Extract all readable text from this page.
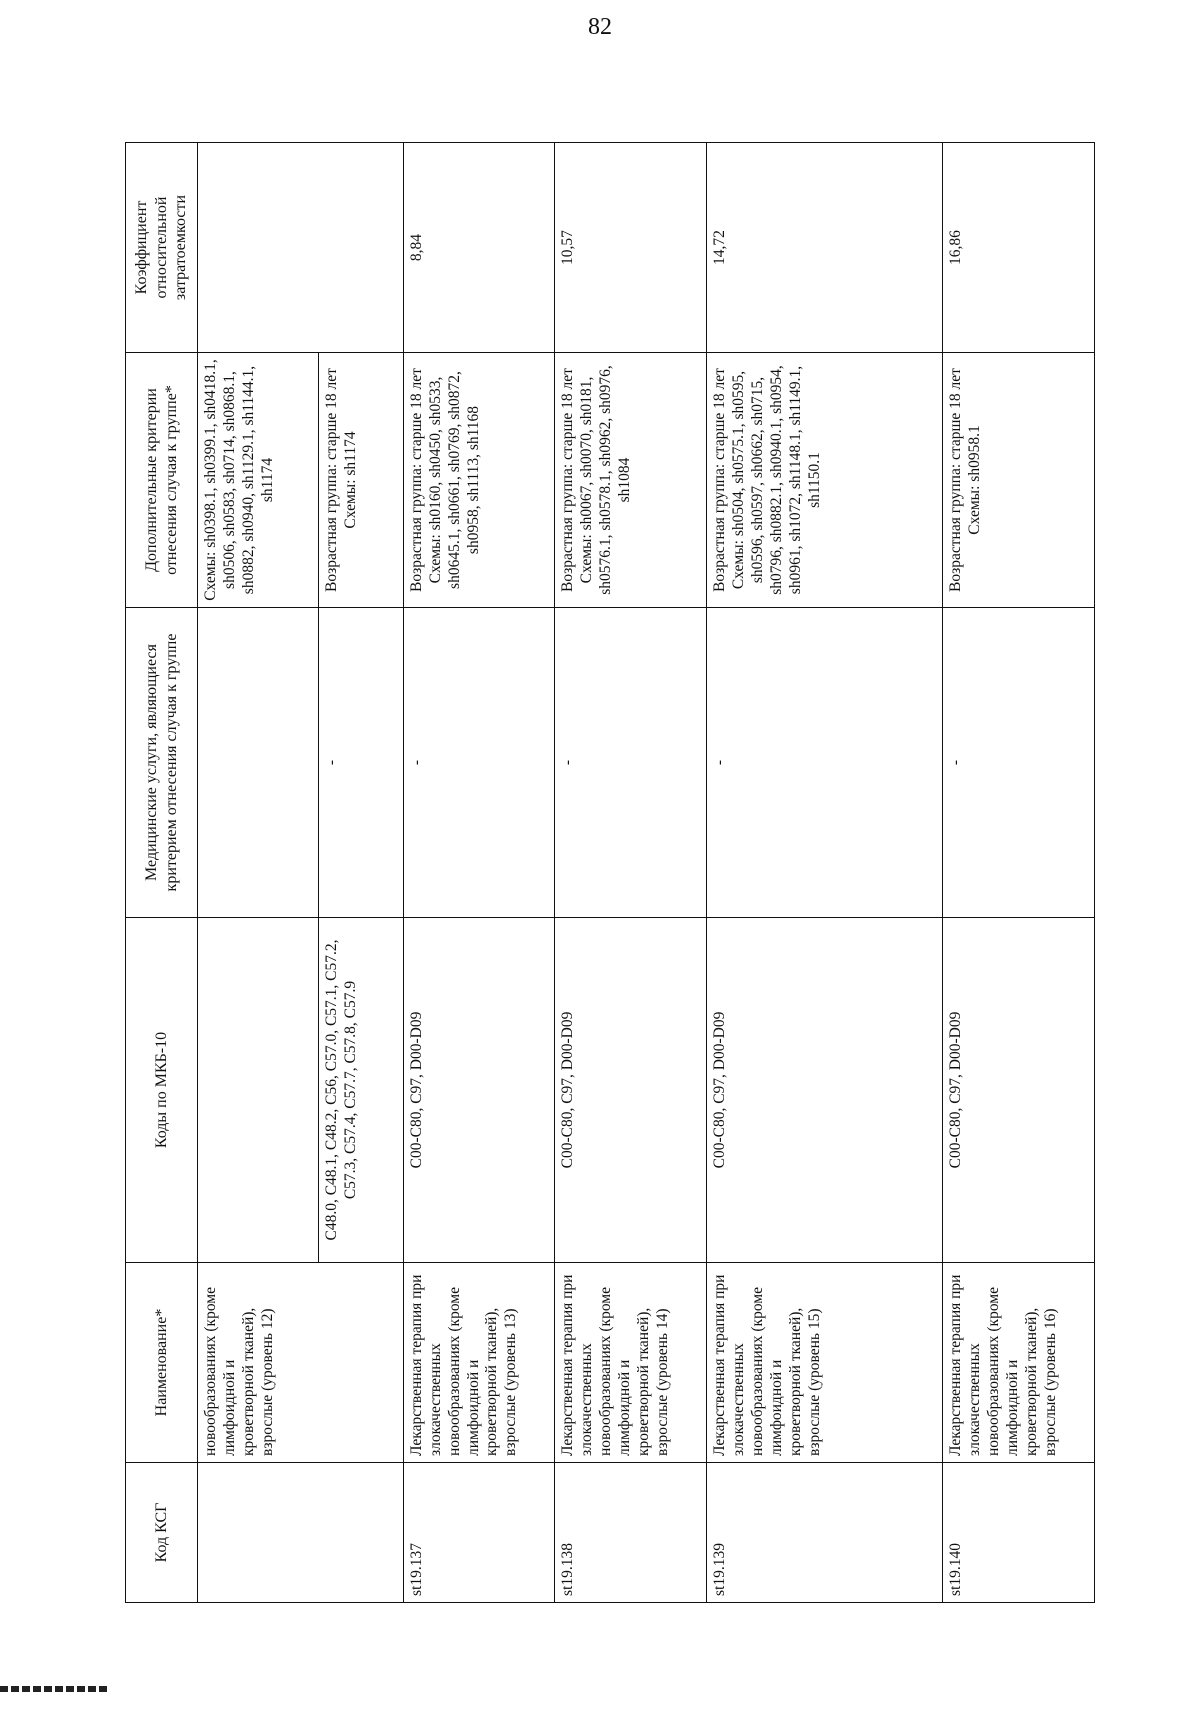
82
Код КСГ	Наименование*	Коды по МКБ-10	Медицинские услуги, являющиеся критерием отнесения случая к группе	Дополнительные критерии отнесения случая к группе*	Коэффициент относительной затратоемкости
	новообразованиях (кроме лимфоидной и кроветворной тканей), взрослые (уровень 12)			Схемы: sh0398.1, sh0399.1, sh0418.1, sh0506, sh0583, sh0714, sh0868.1, sh0882, sh0940, sh1129.1, sh1144.1, sh1174	
		C48.0, C48.1, C48.2, C56, C57.0, C57.1, C57.2, C57.3, C57.4, C57.7, C57.8, C57.9	-	Возрастная группа: старше 18 лет Схемы: sh1174	
st19.137	Лекарственная терапия при злокачественных новообразованиях (кроме лимфоидной и кроветворной тканей), взрослые (уровень 13)	C00-C80, C97, D00-D09	-	Возрастная группа: старше 18 лет Схемы: sh0160, sh0450, sh0533, sh0645.1, sh0661, sh0769, sh0872, sh0958, sh1113, sh1168	8,84
st19.138	Лекарственная терапия при злокачественных новообразованиях (кроме лимфоидной и кроветворной тканей), взрослые (уровень 14)	C00-C80, C97, D00-D09	-	Возрастная группа: старше 18 лет Схемы: sh0067, sh0070, sh0181, sh0576.1, sh0578.1, sh0962, sh0976, sh1084	10,57
st19.139	Лекарственная терапия при злокачественных новообразованиях (кроме лимфоидной и кроветворной тканей), взрослые (уровень 15)	C00-C80, C97, D00-D09	-	Возрастная группа: старше 18 лет Схемы: sh0504, sh0575.1, sh0595, sh0596, sh0597, sh0662, sh0715, sh0796, sh0882.1, sh0940.1, sh0954, sh0961, sh1072, sh1148.1, sh1149.1, sh1150.1	14,72
st19.140	Лекарственная терапия при злокачественных новообразованиях (кроме лимфоидной и кроветворной тканей), взрослые (уровень 16)	C00-C80, C97, D00-D09	-	Возрастная группа: старше 18 лет Схемы: sh0958.1	16,86
